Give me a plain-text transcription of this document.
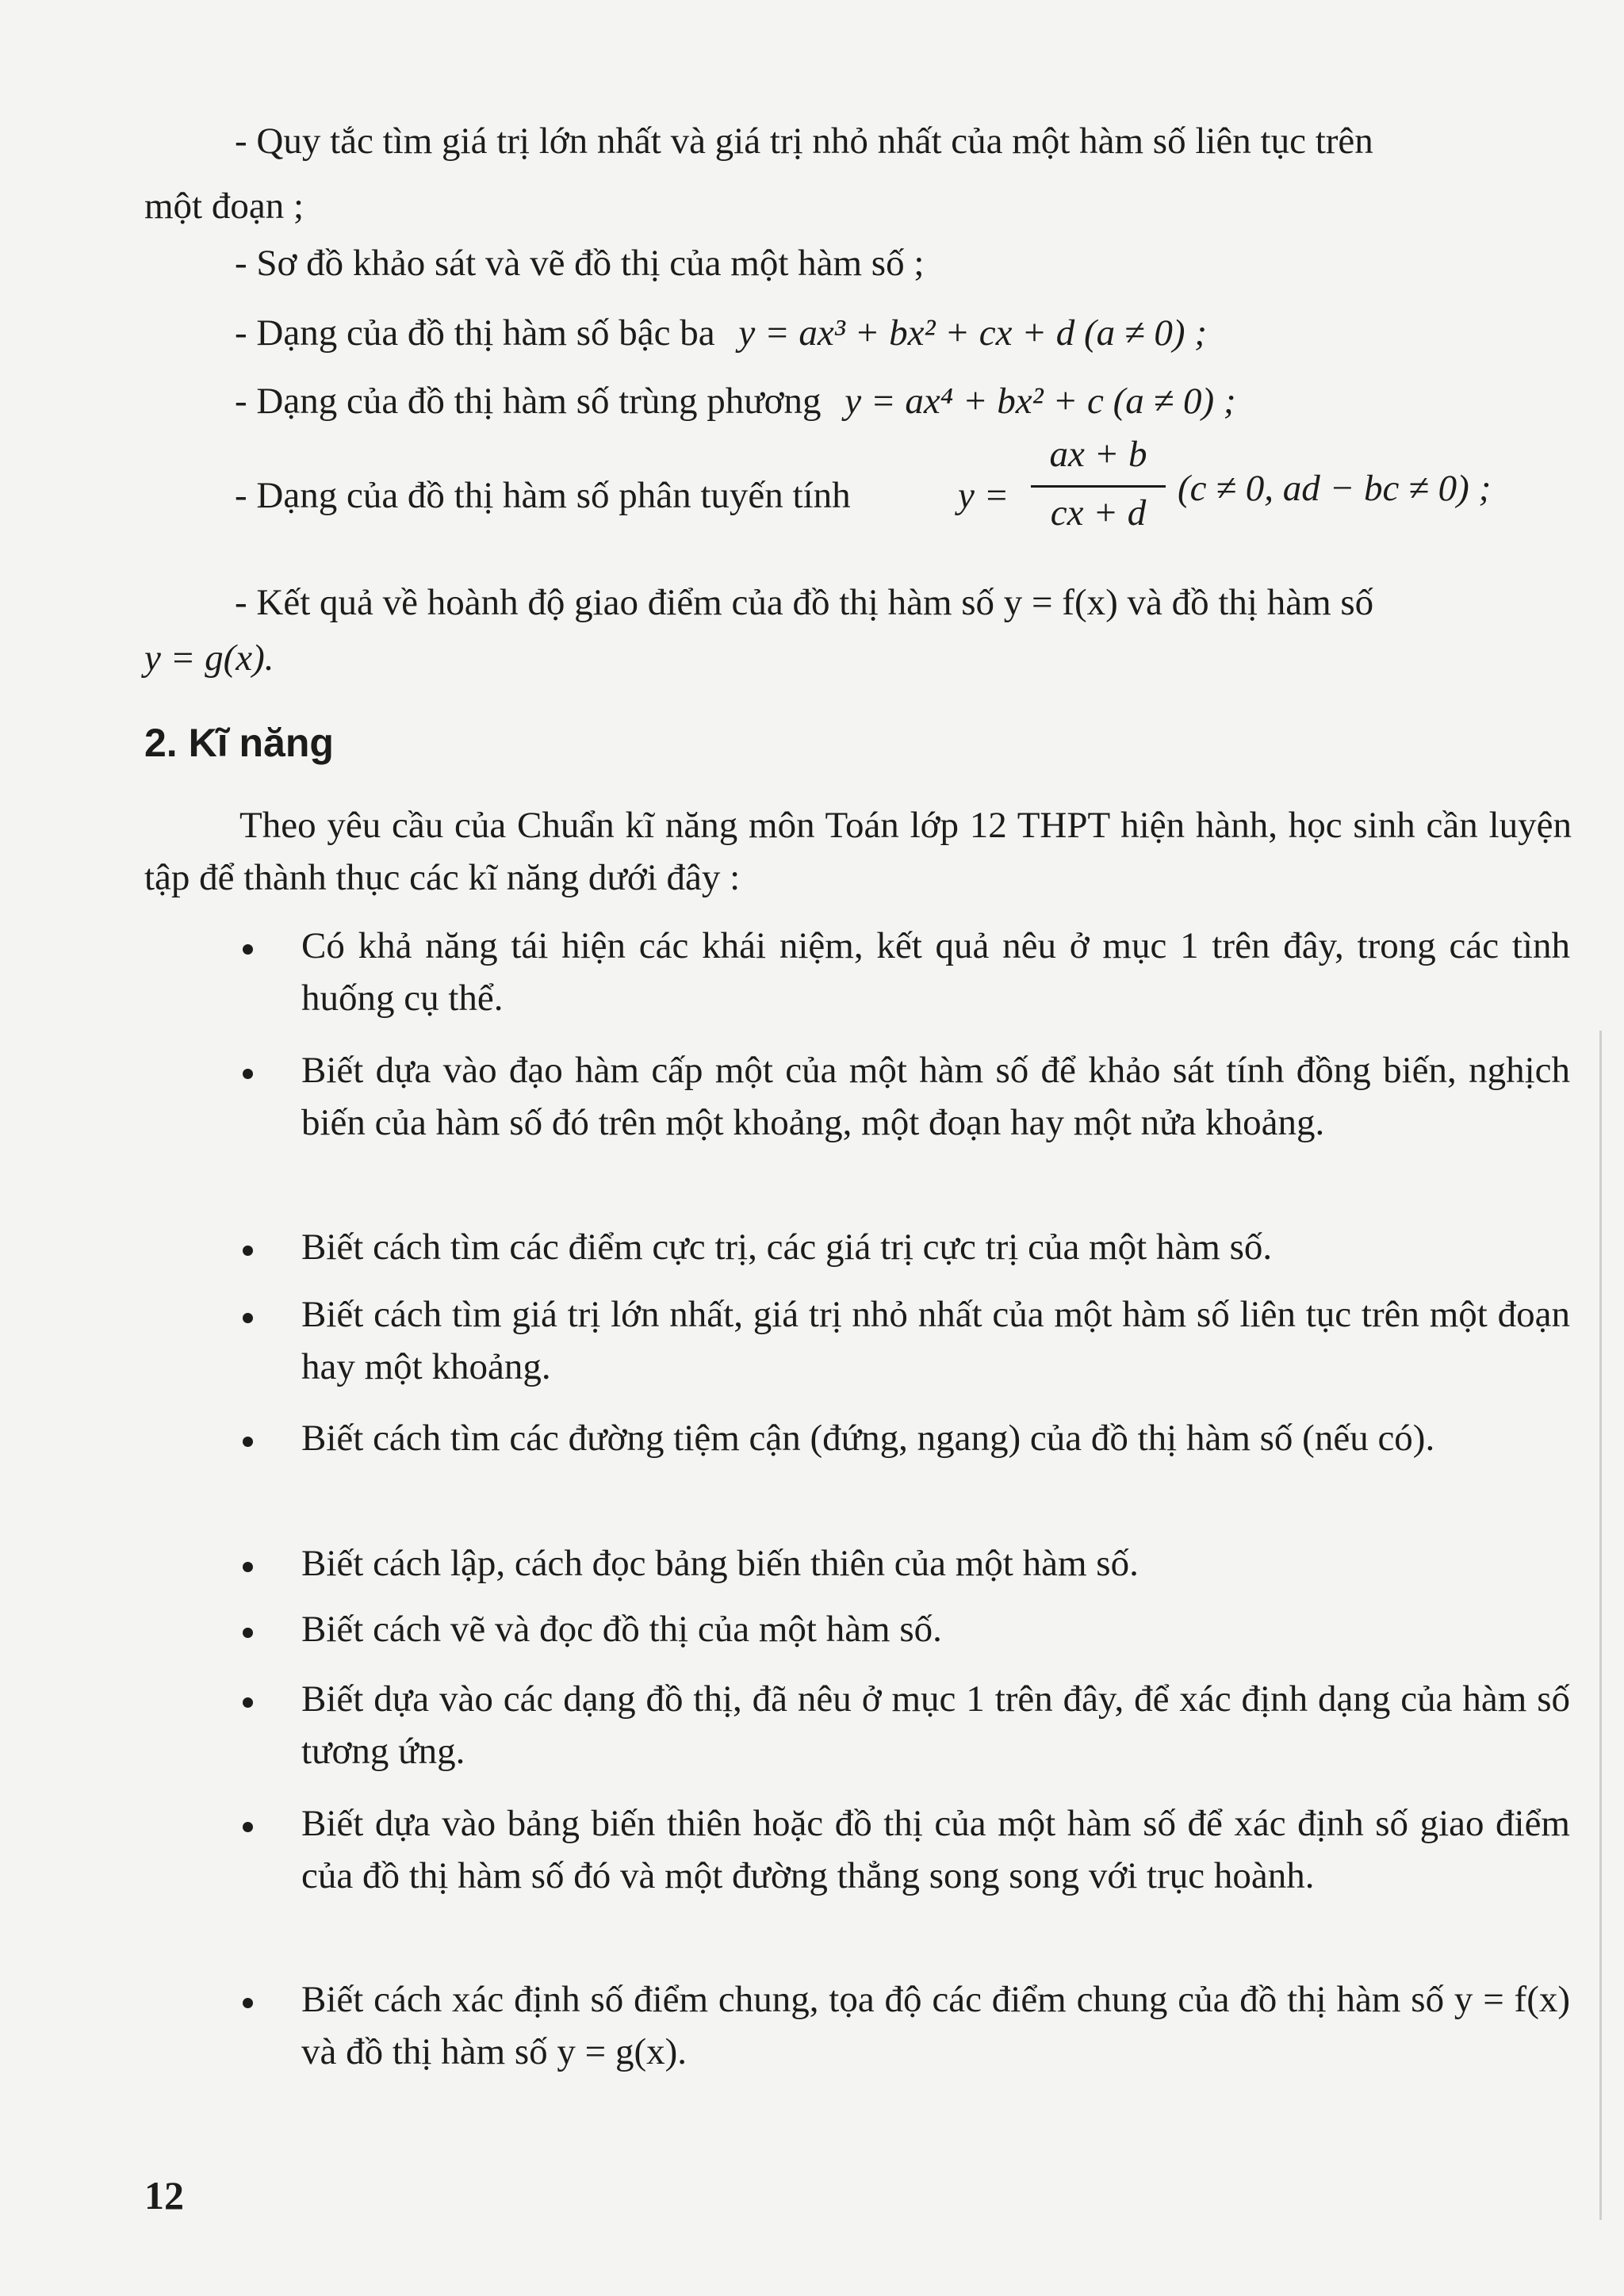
- Quy tắc tìm giá trị lớn nhất và giá trị nhỏ nhất của một hàm số liên tục trên
một đoạn ;
- Sơ đồ khảo sát và vẽ đồ thị của một hàm số ;
- Dạng của đồ thị hàm số bậc ba y = ax³ + bx² + cx + d (a ≠ 0) ;
- Dạng của đồ thị hàm số trùng phương y = ax⁴ + bx² + c (a ≠ 0) ;
- Dạng của đồ thị hàm số phân tuyến tính	y =
ax + b
cx + d
(c ≠ 0, ad − bc ≠ 0) ;
- Kết quả về hoành độ giao điểm của đồ thị hàm số y = f(x) và đồ thị hàm số
y = g(x).
2. Kĩ năng
Theo yêu cầu của Chuẩn kĩ năng môn Toán lớp 12 THPT hiện hành, học sinh cần luyện tập để thành thục các kĩ năng dưới đây :
Có khả năng tái hiện các khái niệm, kết quả nêu ở mục 1 trên đây, trong các tình huống cụ thể.
Biết dựa vào đạo hàm cấp một của một hàm số để khảo sát tính đồng biến, nghịch biến của hàm số đó trên một khoảng, một đoạn hay một nửa khoảng.
Biết cách tìm các điểm cực trị, các giá trị cực trị của một hàm số.
Biết cách tìm giá trị lớn nhất, giá trị nhỏ nhất của một hàm số liên tục trên một đoạn hay một khoảng.
Biết cách tìm các đường tiệm cận (đứng, ngang) của đồ thị hàm số (nếu có).
Biết cách lập, cách đọc bảng biến thiên của một hàm số.
Biết cách vẽ và đọc đồ thị của một hàm số.
Biết dựa vào các dạng đồ thị, đã nêu ở mục 1 trên đây, để xác định dạng của hàm số tương ứng.
Biết dựa vào bảng biến thiên hoặc đồ thị của một hàm số để xác định số giao điểm của đồ thị hàm số đó và một đường thẳng song song với trục hoành.
Biết cách xác định số điểm chung, tọa độ các điểm chung của đồ thị hàm số y = f(x) và đồ thị hàm số y = g(x).
12
